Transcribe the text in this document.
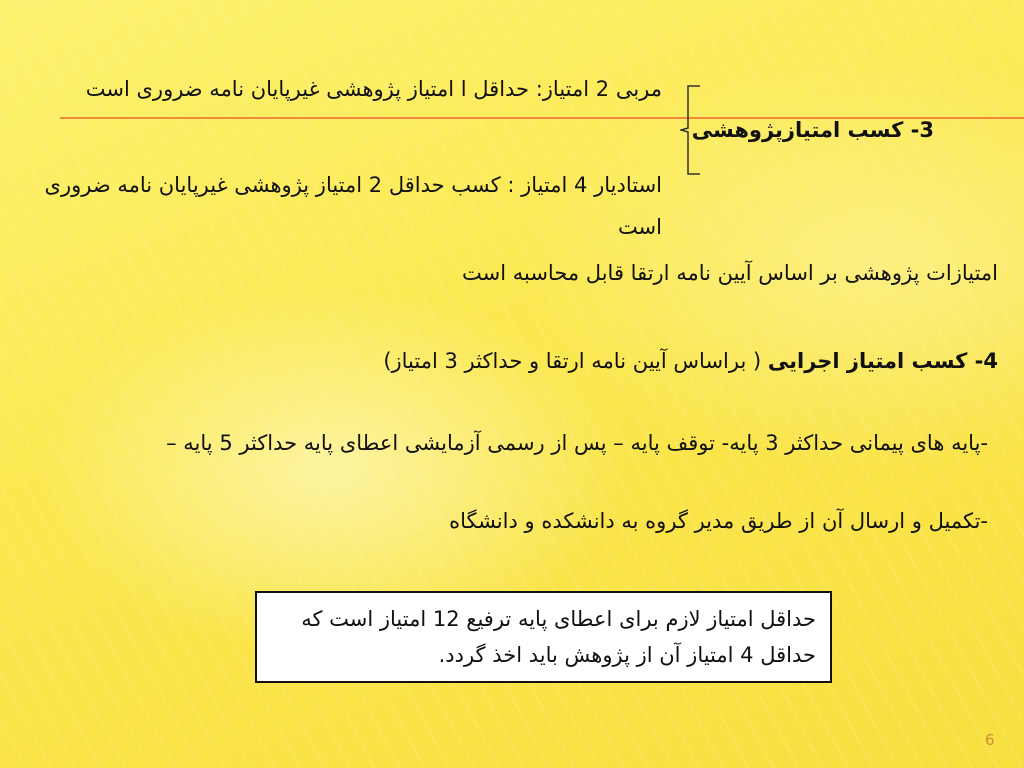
مربی 2 امتیاز: حداقل ا امتیاز پژوهشی غیرپایان نامه ضروری است
3- کسب امتیازپژوهشی
استادیار 4 امتیاز : کسب حداقل 2 امتیاز پژوهشی غیرپایان نامه ضروری است
امتیازات پژوهشی بر اساس آیین نامه ارتقا قابل محاسبه است
4- کسب امتیاز اجرایی ( براساس آیین نامه ارتقا و حداکثر 3 امتیاز)
-پایه های پیمانی حداکثر 3 پایه- توقف پایه – پس از رسمی آزمایشی اعطای پایه حداکثر 5 پایه –
-تکمیل و ارسال آن از طریق مدیر گروه به دانشکده و دانشگاه
حداقل امتیاز لازم برای اعطای پایه ترفیع 12 امتیاز است که حداقل 4 امتیاز آن از پژوهش باید اخذ گردد.
6
